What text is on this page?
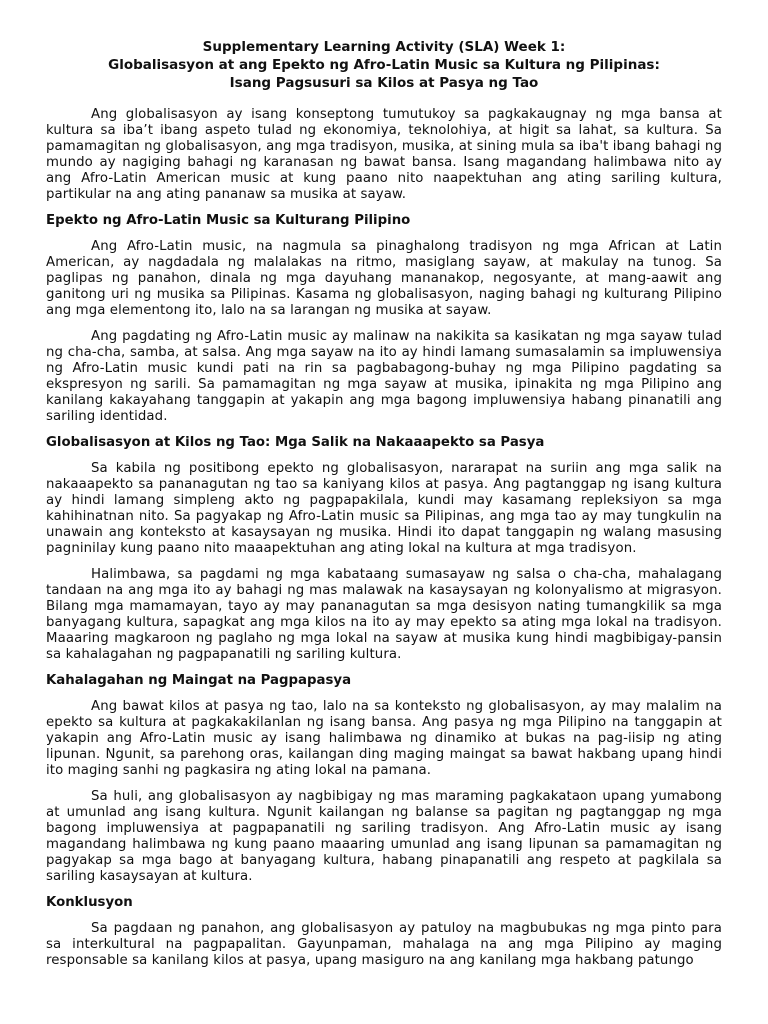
Supplementary Learning Activity (SLA) Week 1:
Globalisasyon at ang Epekto ng Afro-Latin Music sa Kultura ng Pilipinas:
Isang Pagsusuri sa Kilos at Pasya ng Tao

Ang globalisasyon ay isang konseptong tumutukoy sa pagkakaugnay ng mga bansa at kultura sa iba’t ibang aspeto tulad ng ekonomiya, teknolohiya, at higit sa lahat, sa kultura. Sa pamamagitan ng globalisasyon, ang mga tradisyon, musika, at sining mula sa iba't ibang bahagi ng mundo ay nagiging bahagi ng karanasan ng bawat bansa. Isang magandang halimbawa nito ay ang Afro-Latin American music at kung paano nito naapektuhan ang ating sariling kultura, partikular na ang ating pananaw sa musika at sayaw.

Epekto ng Afro-Latin Music sa Kulturang Pilipino

Ang Afro-Latin music, na nagmula sa pinaghalong tradisyon ng mga African at Latin American, ay nagdadala ng malalakas na ritmo, masiglang sayaw, at makulay na tunog. Sa paglipas ng panahon, dinala ng mga dayuhang mananakop, negosyante, at mang-aawit ang ganitong uri ng musika sa Pilipinas. Kasama ng globalisasyon, naging bahagi ng kulturang Pilipino ang mga elementong ito, lalo na sa larangan ng musika at sayaw.

Ang pagdating ng Afro-Latin music ay malinaw na nakikita sa kasikatan ng mga sayaw tulad ng cha-cha, samba, at salsa. Ang mga sayaw na ito ay hindi lamang sumasalamin sa impluwensiya ng Afro-Latin music kundi pati na rin sa pagbabagong-buhay ng mga Pilipino pagdating sa ekspresyon ng sarili. Sa pamamagitan ng mga sayaw at musika, ipinakita ng mga Pilipino ang kanilang kakayahang tanggapin at yakapin ang mga bagong impluwensiya habang pinanatili ang sariling identidad.

Globalisasyon at Kilos ng Tao: Mga Salik na Nakaaapekto sa Pasya

Sa kabila ng positibong epekto ng globalisasyon, nararapat na suriin ang mga salik na nakaaapekto sa pananagutan ng tao sa kaniyang kilos at pasya. Ang pagtanggap ng isang kultura ay hindi lamang simpleng akto ng pagpapakilala, kundi may kasamang repleksiyon sa mga kahihinatnan nito. Sa pagyakap ng Afro-Latin music sa Pilipinas, ang mga tao ay may tungkulin na unawain ang konteksto at kasaysayan ng musika. Hindi ito dapat tanggapin ng walang masusing pagninilay kung paano nito maaapektuhan ang ating lokal na kultura at mga tradisyon.

Halimbawa, sa pagdami ng mga kabataang sumasayaw ng salsa o cha-cha, mahalagang tandaan na ang mga ito ay bahagi ng mas malawak na kasaysayan ng kolonyalismo at migrasyon. Bilang mga mamamayan, tayo ay may pananagutan sa mga desisyon nating tumangkilik sa mga banyagang kultura, sapagkat ang mga kilos na ito ay may epekto sa ating mga lokal na tradisyon. Maaaring magkaroon ng paglaho ng mga lokal na sayaw at musika kung hindi magbibigay-pansin sa kahalagahan ng pagpapanatili ng sariling kultura.

Kahalagahan ng Maingat na Pagpapasya

Ang bawat kilos at pasya ng tao, lalo na sa konteksto ng globalisasyon, ay may malalim na epekto sa kultura at pagkakakilanlan ng isang bansa. Ang pasya ng mga Pilipino na tanggapin at yakapin ang Afro-Latin music ay isang halimbawa ng dinamiko at bukas na pag-iisip ng ating lipunan. Ngunit, sa parehong oras, kailangan ding maging maingat sa bawat hakbang upang hindi ito maging sanhi ng pagkasira ng ating lokal na pamana.

Sa huli, ang globalisasyon ay nagbibigay ng mas maraming pagkakataon upang yumabong at umunlad ang isang kultura. Ngunit kailangan ng balanse sa pagitan ng pagtanggap ng mga bagong impluwensiya at pagpapanatili ng sariling tradisyon. Ang Afro-Latin music ay isang magandang halimbawa ng kung paano maaaring umunlad ang isang lipunan sa pamamagitan ng pagyakap sa mga bago at banyagang kultura, habang pinapanatili ang respeto at pagkilala sa sariling kasaysayan at kultura.

Konklusyon

Sa pagdaan ng panahon, ang globalisasyon ay patuloy na magbubukas ng mga pinto para sa interkultural na pagpapalitan. Gayunpaman, mahalaga na ang mga Pilipino ay maging responsable sa kanilang kilos at pasya, upang masiguro na ang kanilang mga hakbang patungo
